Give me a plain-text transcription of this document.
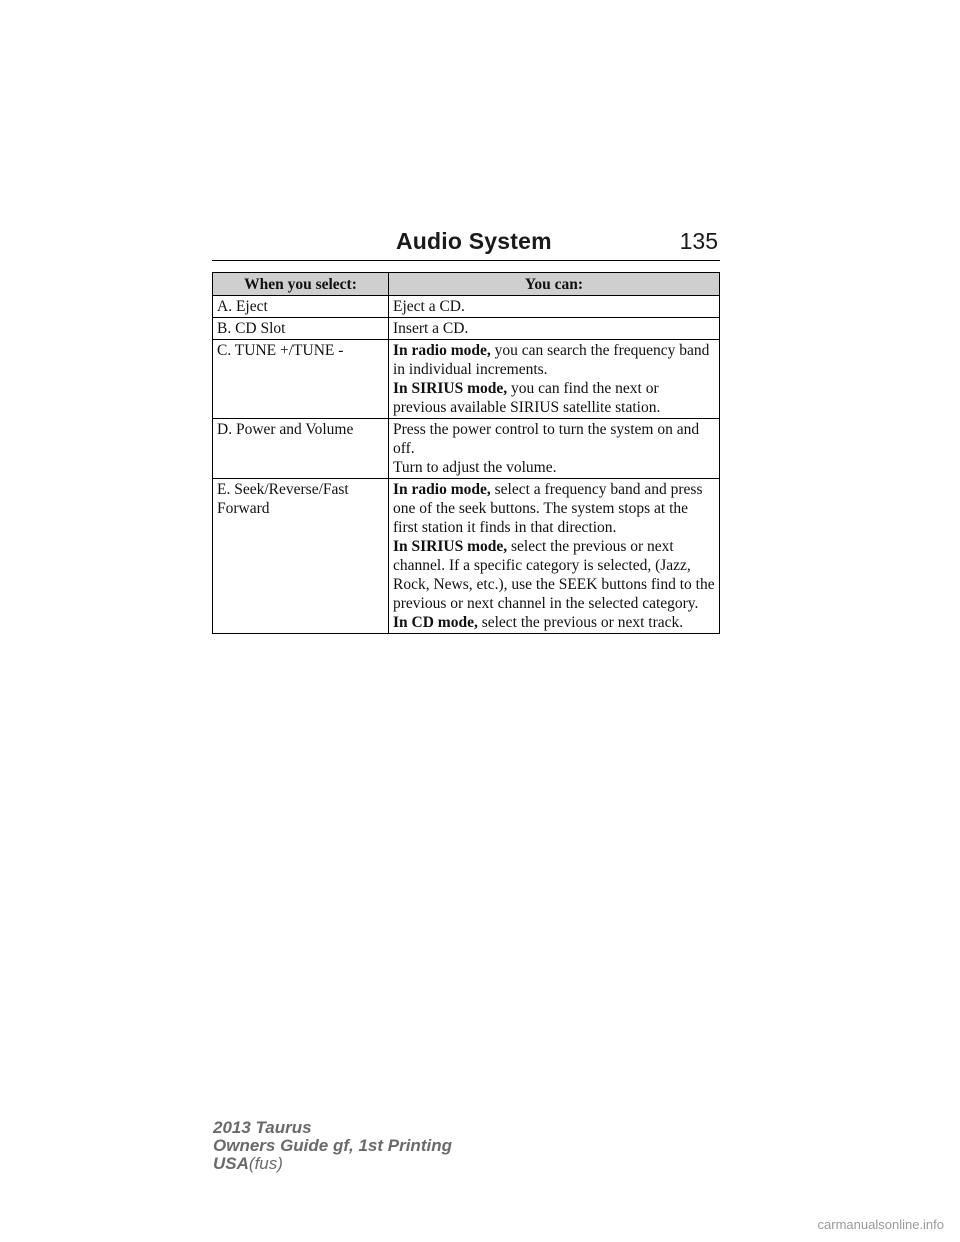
Audio System	135
When you select:	You can:
A. Eject	Eject a CD.

B. CD Slot	Insert a CD.

C. TUNE +/TUNE -	In radio mode, you can search the frequency band in individual increments.
In SIRIUS mode, you can find the next or previous available SIRIUS satellite station.

D. Power and Volume	Press the power control to turn the system on and off.
Turn to adjust the volume.

E. Seek/Reverse/Fast Forward	In radio mode, select a frequency band and press one of the seek buttons. The system stops at the first station it finds in that direction.
In SIRIUS mode, select the previous or next channel. If a specific category is selected, (Jazz, Rock, News, etc.), use the SEEK buttons find to the previous or next channel in the selected category.
In CD mode, select the previous or next track.
2013 Taurus
Owners Guide gf, 1st Printing
USA(fus)
carmanualsonline.info
